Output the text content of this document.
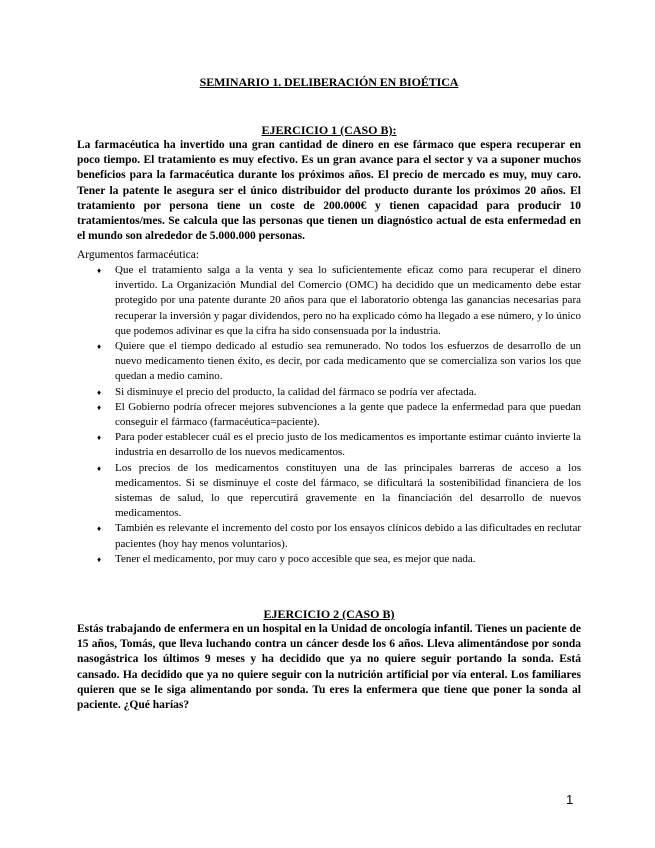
SEMINARIO 1. DELIBERACIÓN EN BIOÉTICA
EJERCICIO 1 (CASO B):
La farmacéutica ha invertido una gran cantidad de dinero en ese fármaco que espera recuperar en poco tiempo. El tratamiento es muy efectivo. Es un gran avance para el sector y va a suponer muchos beneficios para la farmacéutica durante los próximos años. El precio de mercado es muy, muy caro. Tener la patente le asegura ser el único distribuidor del producto durante los próximos 20 años. El tratamiento por persona tiene un coste de 200.000€ y tienen capacidad para producir 10 tratamientos/mes. Se calcula que las personas que tienen un diagnóstico actual de esta enfermedad en el mundo son alrededor de 5.000.000 personas.
Argumentos farmacéutica:
♦ Que el tratamiento salga a la venta y sea lo suficientemente eficaz como para recuperar el dinero invertido. La Organización Mundial del Comercio (OMC) ha decidido que un medicamento debe estar protegido por una patente durante 20 años para que el laboratorio obtenga las ganancias necesarias para recuperar la inversión y pagar dividendos, pero no ha explicado cómo ha llegado a ese número, y lo único que podemos adivinar es que la cifra ha sido consensuada por la industria.
♦ Quiere que el tiempo dedicado al estudio sea remunerado. No todos los esfuerzos de desarrollo de un nuevo medicamento tienen éxito, es decir, por cada medicamento que se comercializa son varios los que quedan a medio camino.
♦ Si disminuye el precio del producto, la calidad del fármaco se podría ver afectada.
♦ El Gobierno podría ofrecer mejores subvenciones a la gente que padece la enfermedad para que puedan conseguir el fármaco (farmacéutica=paciente).
♦ Para poder establecer cuál es el precio justo de los medicamentos es importante estimar cuánto invierte la industria en desarrollo de los nuevos medicamentos.
♦ Los precios de los medicamentos constituyen una de las principales barreras de acceso a los medicamentos. Si se disminuye el coste del fármaco, se dificultará la sostenibilidad financiera de los sistemas de salud, lo que repercutirá gravemente en la financiación del desarrollo de nuevos medicamentos.
♦ También es relevante el incremento del costo por los ensayos clínicos debido a las dificultades en reclutar pacientes (hoy hay menos voluntarios).
♦ Tener el medicamento, por muy caro y poco accesible que sea, es mejor que nada.
EJERCICIO 2 (CASO B)
Estás trabajando de enfermera en un hospital en la Unidad de oncología infantil. Tienes un paciente de 15 años, Tomás, que lleva luchando contra un cáncer desde los 6 años. Lleva alimentándose por sonda nasogástrica los últimos 9 meses y ha decidido que ya no quiere seguir portando la sonda. Está cansado. Ha decidido que ya no quiere seguir con la nutrición artificial por vía enteral. Los familiares quieren que se le siga alimentando por sonda. Tu eres la enfermera que tiene que poner la sonda al paciente. ¿Qué harías?
1
